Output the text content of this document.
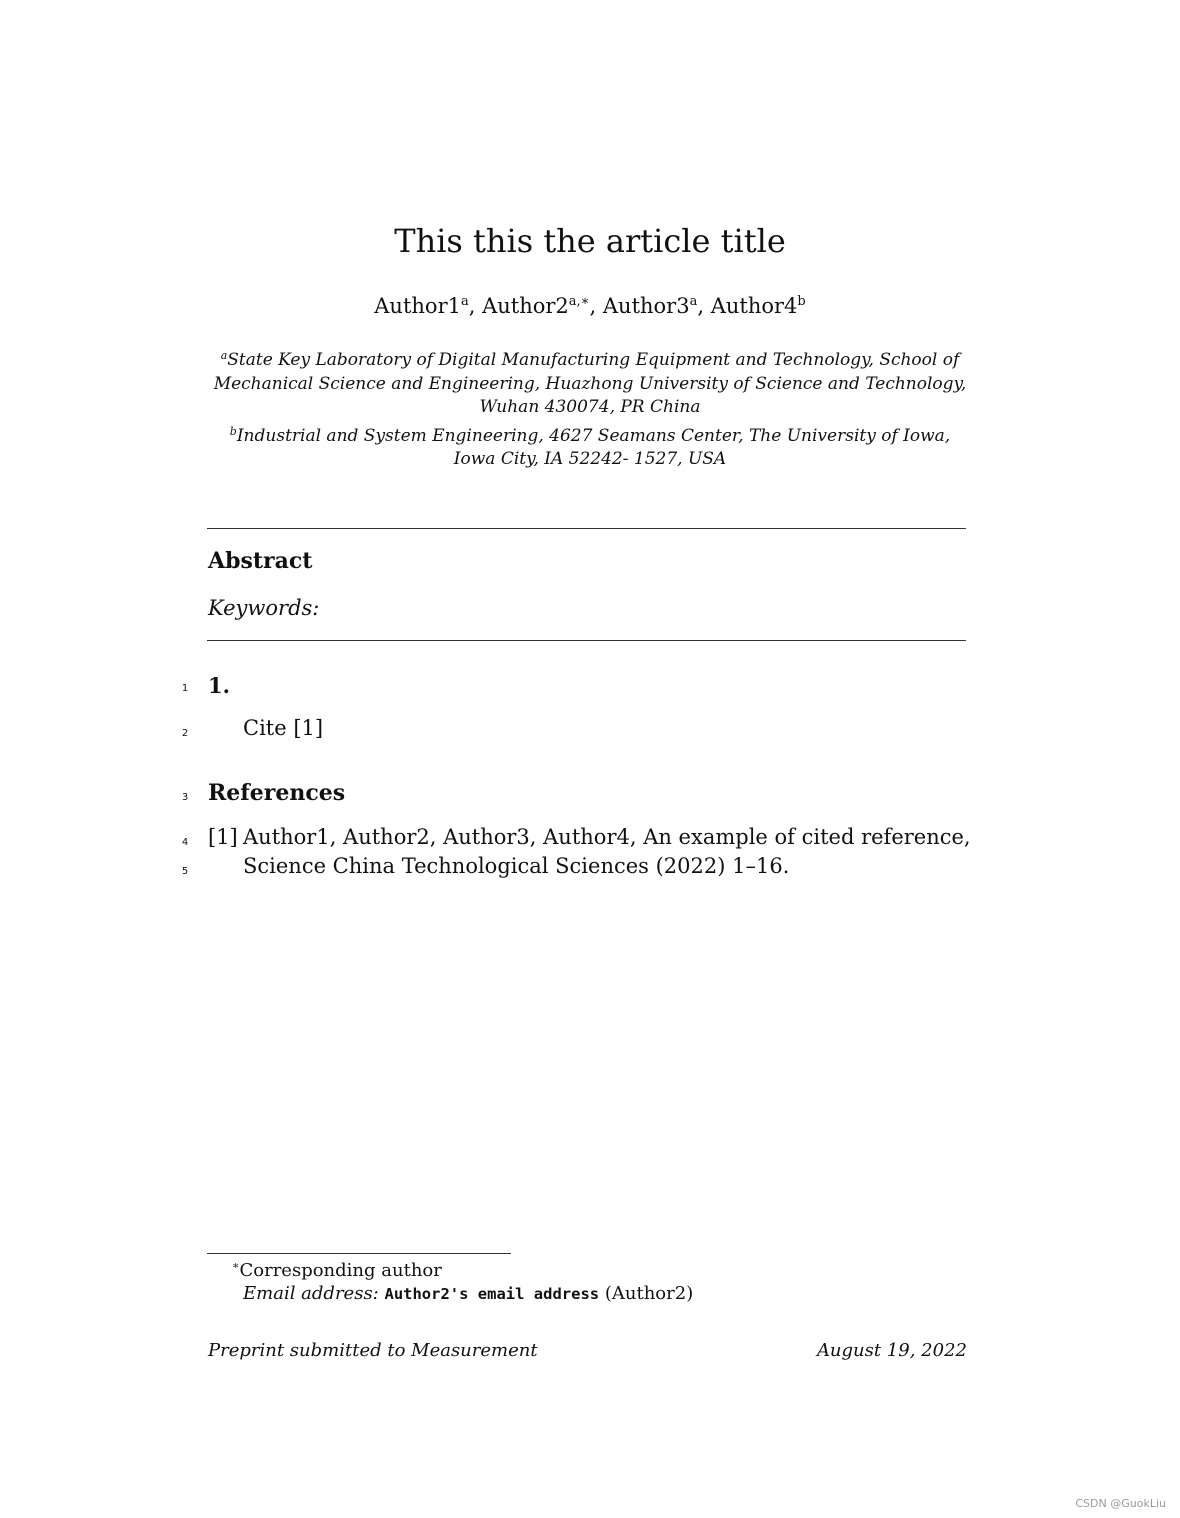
This this the article title
Author1$^a$, $Author2^{a,∗}$, Author3$^a$, Author4$^b$
$^a$State Key Laboratory of Digital Manufacturing Equipment and Technology, School of
Mechanical Science and Engineering, Huazhong University of Science and Technology,
Wuhan 430074, PR China
$^b$Industrial and System Engineering, 4627 Seamans Center, The University of Iowa,
Iowa City, IA 52242- 1527, USA
Abstract
Keywords:
1 1.
2	Cite [1]
3 References
4 [1] Author1, Author2, Author3, Author4, An example of cited reference,
5	Science China Technological Sciences (2022) 1–16.
∗Corresponding author
Email address: Author2's email address (Author2)
Preprint submitted to Measurement	August 19, 2022
CSDN @GuokLiu
